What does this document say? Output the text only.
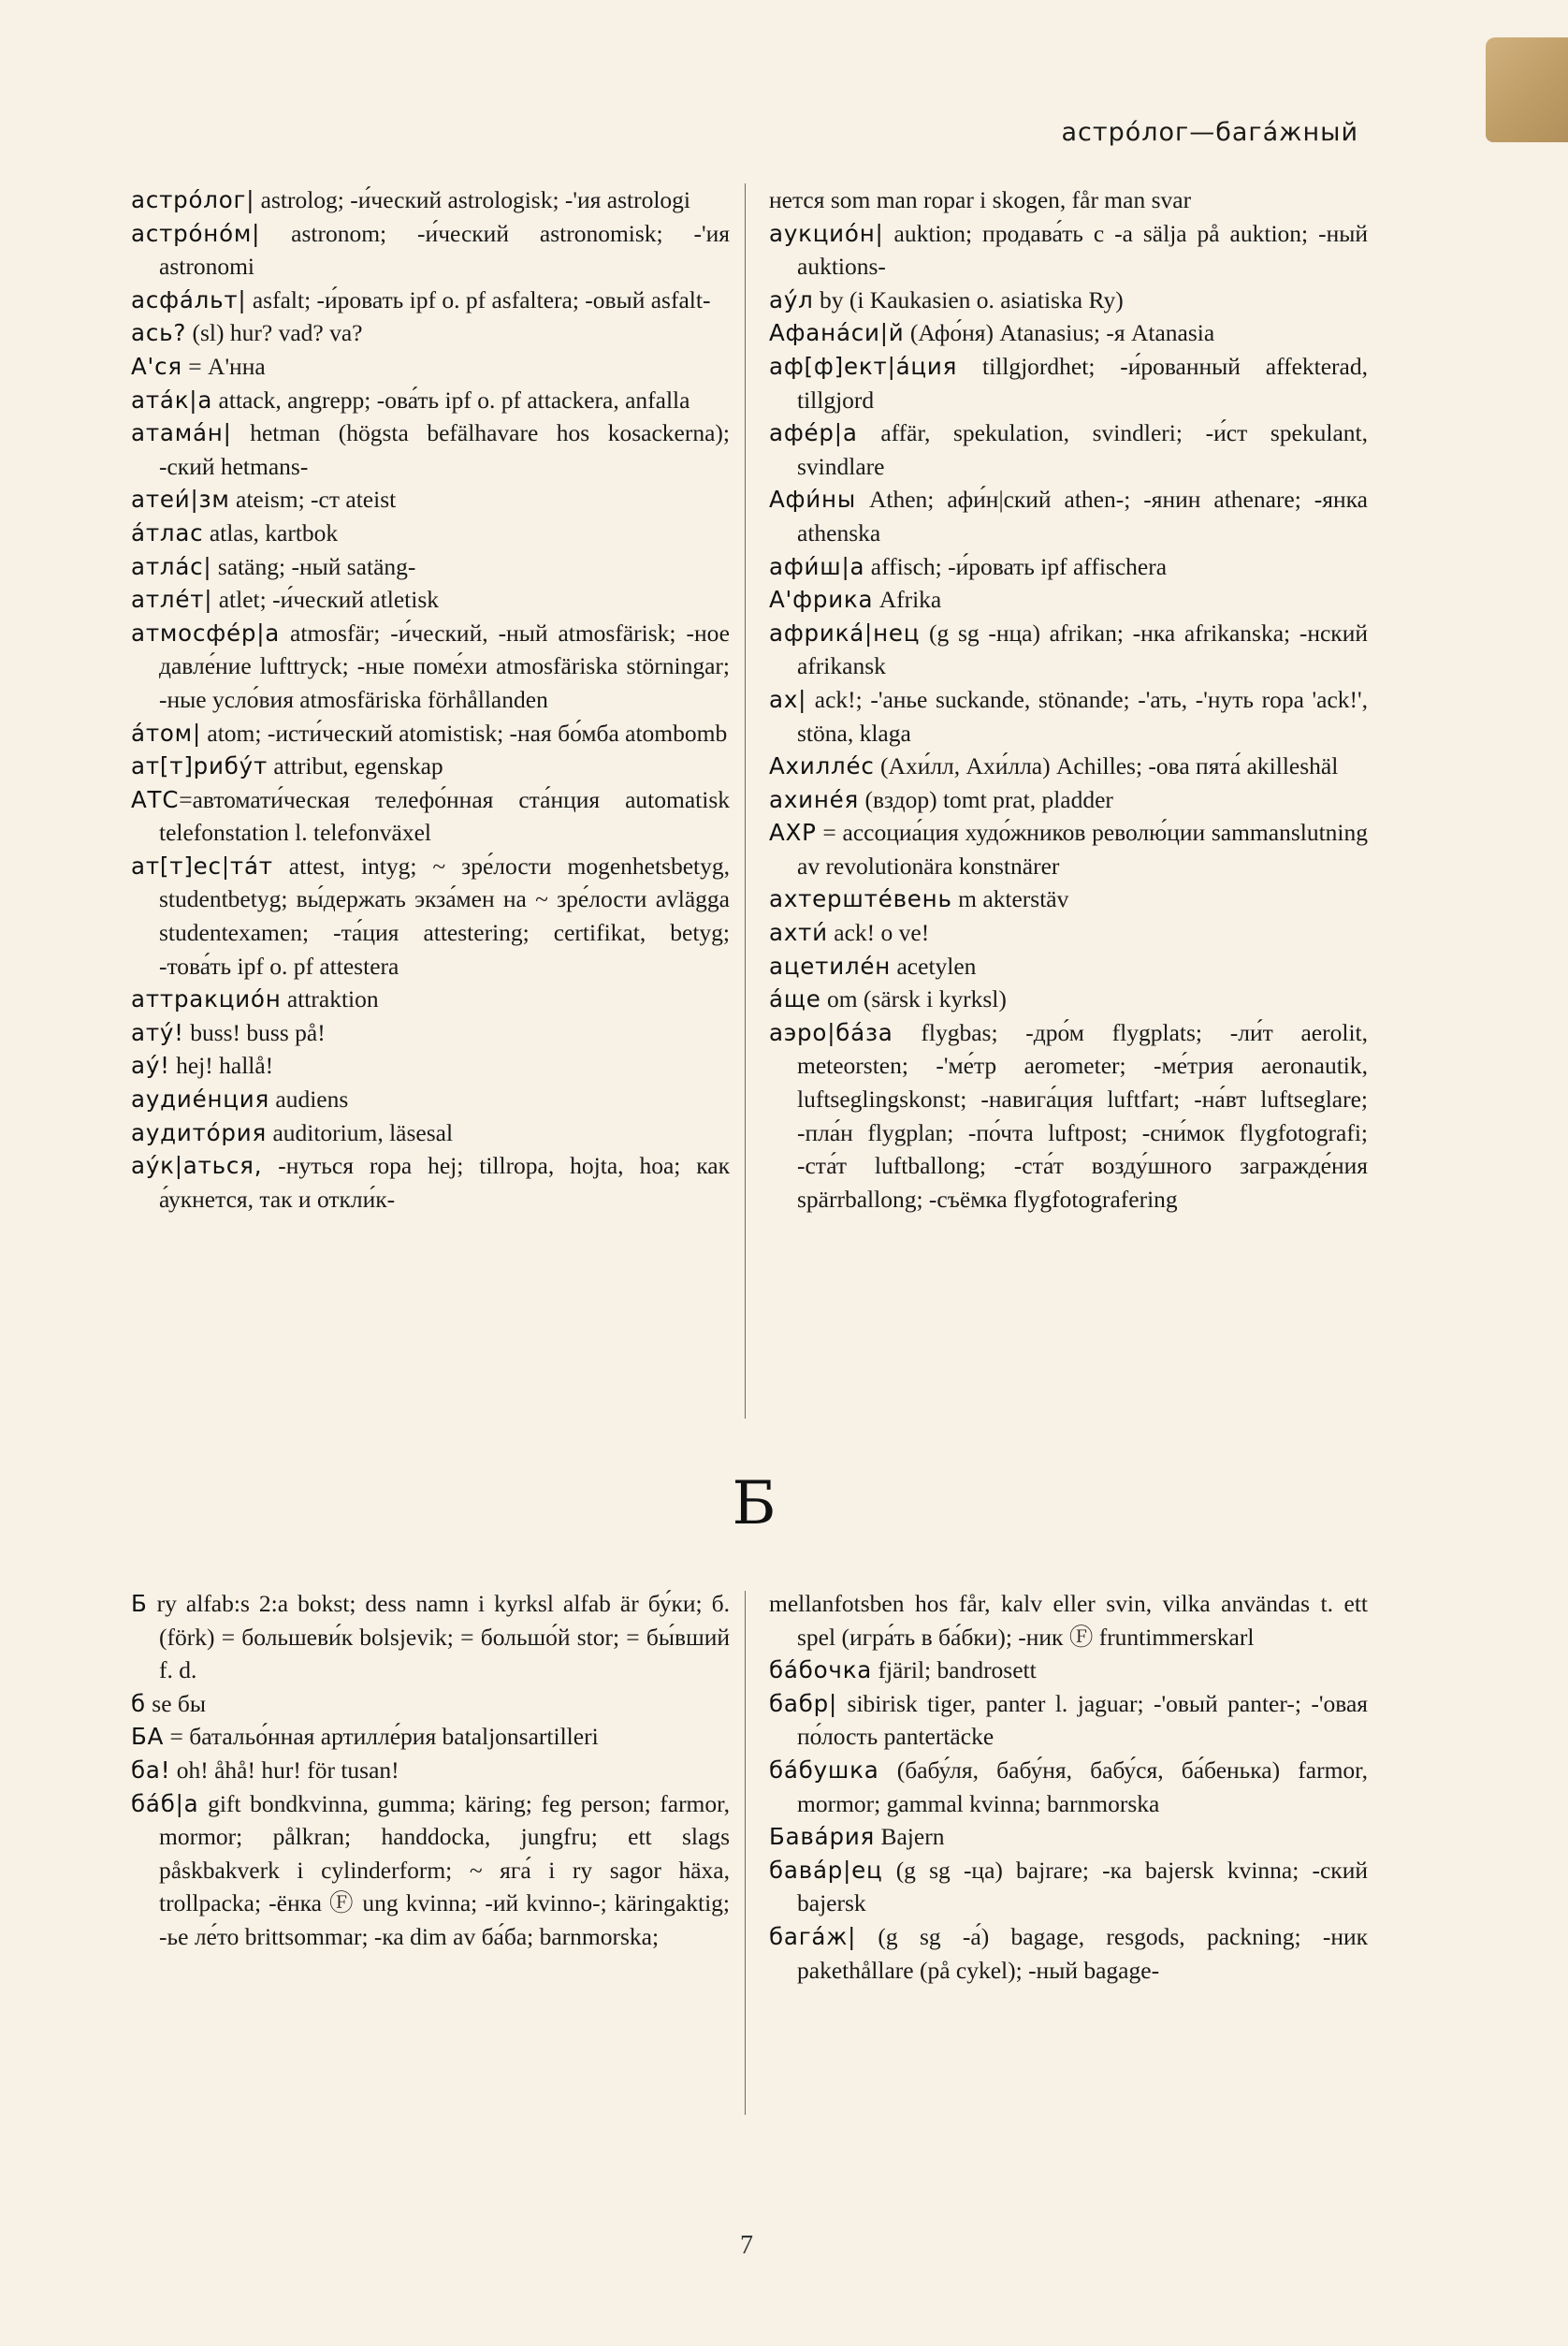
астро́лог—бага́жный

астро́лог| astrolog; -и́ческий astrologisk; -'ия astrologi

астро́но́м| astronom; -и́ческий astronomisk; -'ия astronomi

асфа́льт| asfalt; -и́ровать ipf o. pf asfaltera; -овый asfalt-

ась? (sl) hur? vad? va?

А'ся = А'нна

ата́к|а attack, angrepp; -ова́ть ipf o. pf attackera, anfalla

атама́н| hetman (högsta befälhavare hos kosackerna); -ский hetmans-

атеи́|зм ateism; -ст ateist

а́тлас atlas, kartbok

атла́с| satäng; -ный satäng-

атле́т| atlet; -и́ческий atletisk

атмосфе́р|а atmosfär; -и́ческий, -ный atmosfärisk; -ное давле́ние lufttryck; -ные поме́хи atmosfäriska störningar; -ные усло́вия atmosfäriska förhållanden

а́том| atom; -исти́ческий atomistisk; -ная бо́мба atombomb

ат[т]рибу́т attribut, egenskap

АТС=автомати́ческая телефо́нная ста́нция automatisk telefonstation l. telefonväxel

ат[т]ес|та́т attest, intyg; ~ зре́лости mogenhetsbetyg, studentbetyg; вы́держать экза́мен на ~ зре́лости avlägga studentexamen; -та́ция attestering; certifikat, betyg; -това́ть ipf o. pf attestera

аттракцио́н attraktion

ату́! buss! buss på!

ау́! hej! hallå!

аудие́нция audiens

аудито́рия auditorium, läsesal

ау́к|аться, -нуться ropa hej; tillropa, hojta, hoa; как а́укнется, так и откли́к-

нется som man ropar i skogen, får man svar

аукцио́н| auktion; продава́ть с -а sälja på auktion; -ный auktions-

аýл by (i Kaukasien o. asiatiska Ry)

Афана́си|й (Афо́ня) Atanasius; -я Atanasia

аф[ф]ект|а́ция tillgjordhet; -и́рованный affekterad, tillgjord

афе́р|а affär, spekulation, svindleri; -и́ст spekulant, svindlare

Афи́ны Athen; афи́н|ский athen-; -янин athenare; -янка athenska

афи́ш|а affisch; -и́ровать ipf affischera

А'фрика Afrika

африка́|нец (g sg -нца) afrikan; -нка afrikanska; -нский afrikansk

ах| ack!; -'анье suckande, stönande; -'ать, -'нуть ropa 'ack!', stöna, klaga

Ахилле́с (Ахи́лл, Ахи́лла) Achilles; -ова пята́ akilleshäl

ахине́я (вздор) tomt prat, pladder

АХР = ассоциа́ция худо́жников револю́ции sammanslutning av revolutionära konstnärer

ахтерште́вень m akterstäv

ахти́ ack! o ve!

ацетиле́н acetylen

а́ще om (särsk i kyrksl)

аэро|ба́за flygbas; -дро́м flygplats; -ли́т aerolit, meteorsten; -'ме́тр aerometer; -ме́трия aeronautik, luftseglingskonst; -навига́ция luftfart; -на́вт luftseglare; -пла́н flygplan; -по́чта luftpost; -сни́мок flygfotografi; -ста́т luftballong; -ста́т возду́шного загражде́ния spärrballong; -съёмка flygfotografering

Б

Б ry alfab:s 2:a bokst; dess namn i kyrksl alfab är бу́ки; б. (förk) = большеви́к bolsjevik; = большо́й stor; = бы́вший f. d.

б se бы

БА = батальо́нная артилле́рия bataljonsartilleri

ба! oh! åhå! hur! för tusan!

ба́б|а gift bondkvinna, gumma; käring; feg person; farmor, mormor; pålkran; handdocka, jungfru; ett slags påskbakverk i cylinderform; ~ яга́ i ry sagor häxa, trollpacka; -ёнка Ⓕ ung kvinna; -ий kvinno-; käringaktig; -ье ле́то brittsommar; -ка dim av ба́ба; barnmorska;

mellanfotsben hos får, kalv eller svin, vilka användas t. ett spel (игра́ть в ба́бки); -ник Ⓕ fruntimmerskarl

ба́бочка fjäril; bandrosett

бабр| sibirisk tiger, panter l. jaguar; -'овый panter-; -'овая по́лость pantertäcke

ба́бушка (бабу́ля, бабу́ня, бабу́ся, ба́бенька) farmor, mormor; gammal kvinna; barnmorska

Бава́рия Bajern

бава́р|ец (g sg -ца) bajrare; -ка bajersk kvinna; -ский bajersk

бага́ж| (g sg -а́) bagage, resgods, packning; -ник pakethållare (på cykel); -ный bagage-

7
